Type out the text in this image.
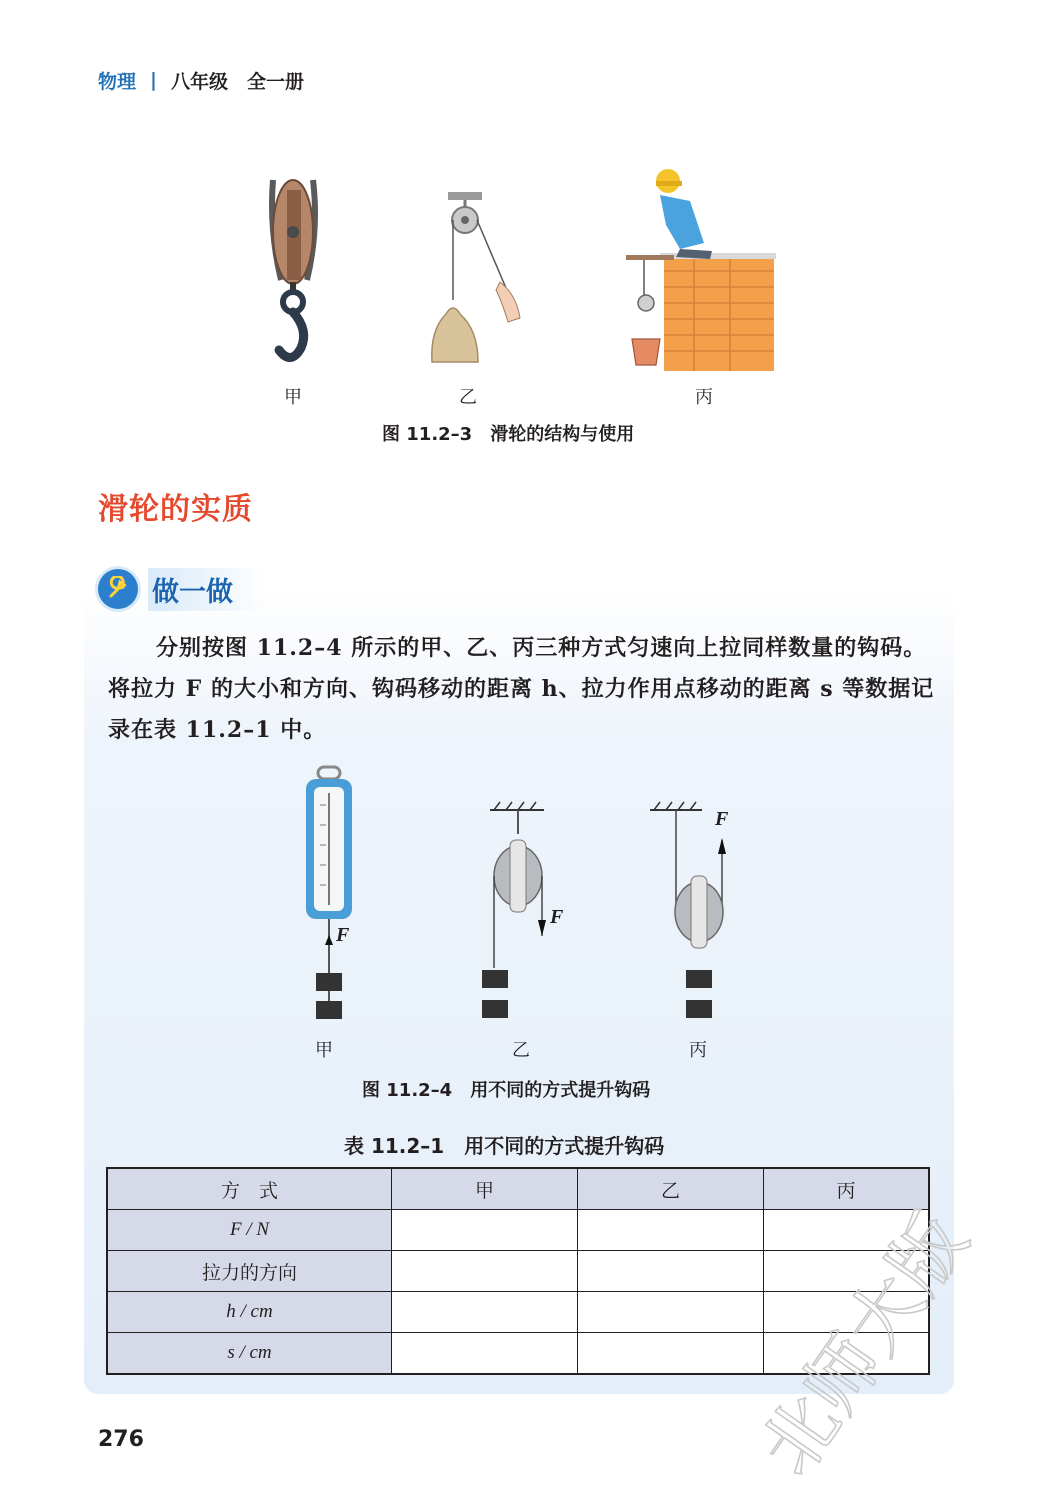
物理 | 八年级　全一册
甲	乙	丙
图 11.2–3　滑轮的结构与使用
滑轮的实质
做一做
分别按图 11.2–4 所示的甲、乙、丙三种方式匀速向上拉同样数量的钩码。将拉力 F 的大小和方向、钩码移动的距离 h、拉力作用点移动的距离 s 等数据记录在表 11.2–1 中。
F
F
F
甲	乙	丙
图 11.2–4　用不同的方式提升钩码
表 11.2–1　用不同的方式提升钩码
方　式	甲	乙	丙
F / N			
拉力的方向			
h / cm			
s / cm			
276	北师大版
